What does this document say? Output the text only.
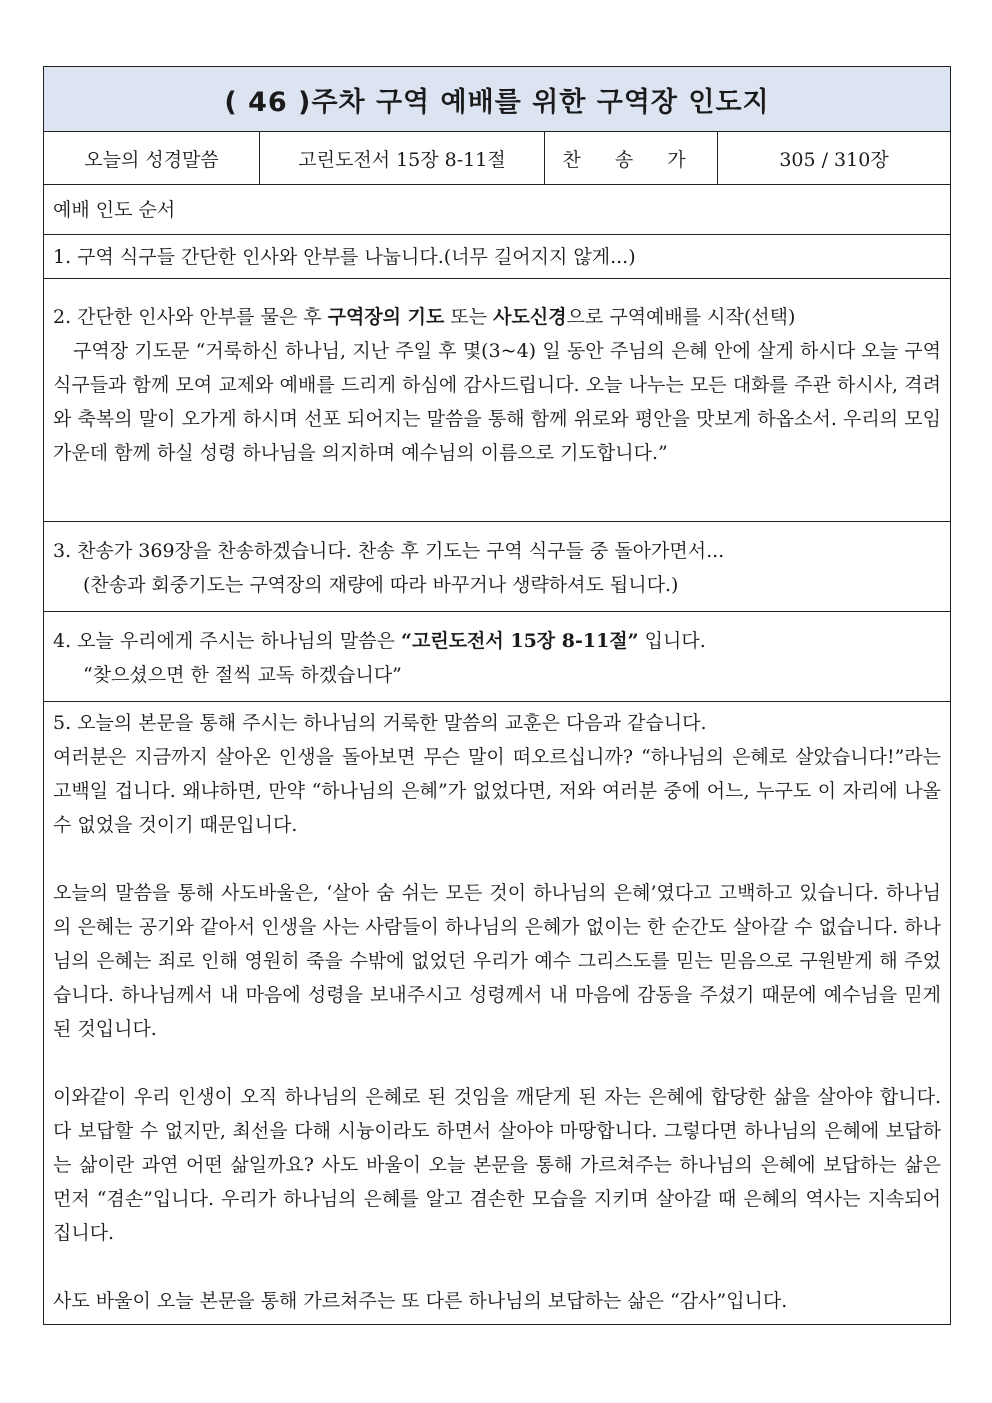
( 46 )주차 구역 예배를 위한 구역장 인도지
오늘의 성경말씀	고린도전서 15장 8-11절	찬 송 가	305 / 310장
예배 인도 순서
1. 구역 식구들 간단한 인사와 안부를 나눕니다.(너무 길어지지 않게...)
2. 간단한 인사와 안부를 물은 후 구역장의 기도 또는 사도신경으로 구역예배를 시작(선택)
구역장 기도문 “거룩하신 하나님, 지난 주일 후 몇(3~4) 일 동안 주님의 은혜 안에 살게 하시다 오늘 구역 식구들과 함께 모여 교제와 예배를 드리게 하심에 감사드립니다. 오늘 나누는 모든 대화를 주관 하시사, 격려와 축복의 말이 오가게 하시며 선포 되어지는 말씀을 통해 함께 위로와 평안을 맛보게 하옵소서. 우리의 모임 가운데 함께 하실 성령 하나님을 의지하며 예수님의 이름으로 기도합니다.”
3. 찬송가 369장을 찬송하겠습니다. 찬송 후 기도는 구역 식구들 중 돌아가면서...
(찬송과 회중기도는 구역장의 재량에 따라 바꾸거나 생략하셔도 됩니다.)
4. 오늘 우리에게 주시는 하나님의 말씀은 “고린도전서 15장 8-11절” 입니다.
“찾으셨으면 한 절씩 교독 하겠습니다”
5. 오늘의 본문을 통해 주시는 하나님의 거룩한 말씀의 교훈은 다음과 같습니다.
여러분은 지금까지 살아온 인생을 돌아보면 무슨 말이 떠오르십니까? “하나님의 은혜로 살았습니다!”라는 고백일 겁니다. 왜냐하면, 만약 “하나님의 은혜”가 없었다면, 저와 여러분 중에 어느, 누구도 이 자리에 나올 수 없었을 것이기 때문입니다.
오늘의 말씀을 통해 사도바울은, ‘살아 숨 쉬는 모든 것이 하나님의 은혜’였다고 고백하고 있습니다. 하나님의 은혜는 공기와 같아서 인생을 사는 사람들이 하나님의 은혜가 없이는 한 순간도 살아갈 수 없습니다. 하나님의 은혜는 죄로 인해 영원히 죽을 수밖에 없었던 우리가 예수 그리스도를 믿는 믿음으로 구원받게 해 주었습니다. 하나님께서 내 마음에 성령을 보내주시고 성령께서 내 마음에 감동을 주셨기 때문에 예수님을 믿게 된 것입니다.
이와같이 우리 인생이 오직 하나님의 은혜로 된 것임을 깨닫게 된 자는 은혜에 합당한 삶을 살아야 합니다. 다 보답할 수 없지만, 최선을 다해 시늉이라도 하면서 살아야 마땅합니다. 그렇다면 하나님의 은혜에 보답하는 삶이란 과연 어떤 삶일까요? 사도 바울이 오늘 본문을 통해 가르쳐주는 하나님의 은혜에 보답하는 삶은 먼저 “겸손”입니다. 우리가 하나님의 은혜를 알고 겸손한 모습을 지키며 살아갈 때 은혜의 역사는 지속되어 집니다.
사도 바울이 오늘 본문을 통해 가르쳐주는 또 다른 하나님의 보답하는 삶은 “감사”입니다.
